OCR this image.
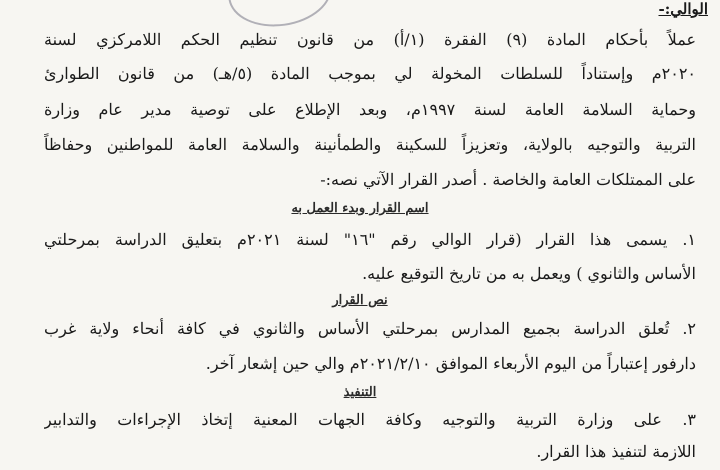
الوالي:-
عملاً بأحكام المادة (٩) الفقرة (١/أ) من قانون تنظيم الحكم اللامركزي لسنة
٢٠٢٠م وإستناداً للسلطات المخولة لي بموجب المادة (٥/هـ) من قانون الطوارئ
وحماية السلامة العامة لسنة ١٩٩٧م، وبعد الإطلاع على توصية مدير عام وزارة
التربية والتوجيه بالولاية، وتعزيزاً للسكينة والطمأنينة والسلامة العامة للمواطنين وحفاظاً
على الممتلكات العامة والخاصة . أصدر القرار الآتي نصه:-
اسم القرار وبدء العمل به
١. يسمى هذا القرار (قرار الوالي رقم "١٦" لسنة ٢٠٢١م بتعليق الدراسة بمرحلتي
الأساس والثانوي ) ويعمل به من تاريخ التوقيع عليه.
نص القرار
٢. تُعلق الدراسة بجميع المدارس بمرحلتي الأساس والثانوي في كافة أنحاء ولاية غرب
دارفور إعتباراً من اليوم الأربعاء الموافق ٢٠٢١/٢/١٠م والي حين إشعار آخر.
التنفيذ
٣. على وزارة التربية والتوجيه وكافة الجهات المعنية إتخاذ الإجراءات والتدابير
اللازمة لتنفيذ هذا القرار.
